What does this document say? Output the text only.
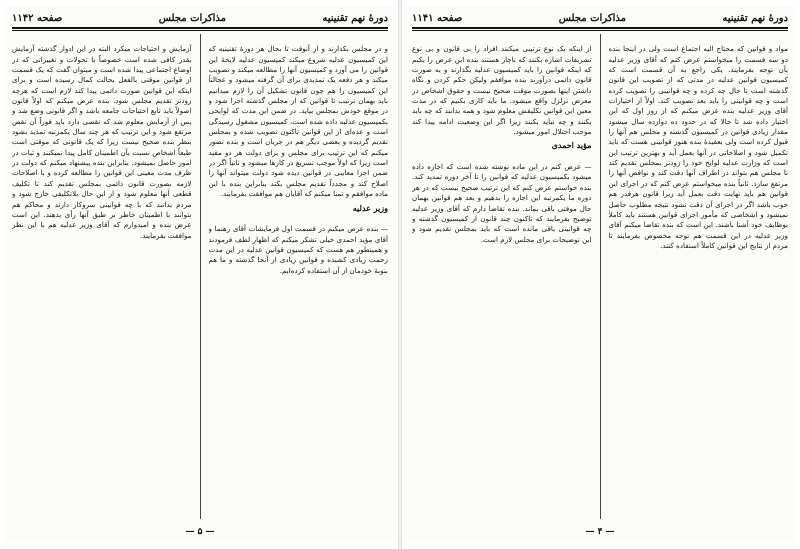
دورهٔ نهم تقنینیه
مذاکرات مجلس
صفحه ۱۱۴۲

و در مجلس بکذارند و از آنوقت تا بحال هر دورهٔ تقنینیه که این کمیسیون عدلیه شروع میکند کمیسیون عدلیه لایحهٔ این قوانین را می آورد و کمیسیون آنها را مطالعه میکند و تصویب میکند و هر دفعه یک تمدیدی برای آن گرفته میشود و عجالتاً این کمیسیون را هم چون قانون تشکیل آن را لازم میدانیم باید بهمان ترتیب تا قوانین که از مجلس گذشته اجرا شود و در موقع خودش بمجلس بیاید. در ضمن این مدت که لوایحی بکمیسیون عدلیه داده شده است، کمیسیون مشغول رسیدگی است و عده‌ای از این قوانین تاکنون تصویب شده و بمجلس تقدیم گردیده و بعضی دیگر هم در جریان است و بنده تصور میکنم که این ترتیب برای مجلس و برای دولت هر دو مفید است زیرا که اولاً موجب تسریع در کارها میشود و ثانیاً اگر در ضمن اجرا معایبی در قوانین دیده شود دولت میتواند آنها را اصلاح کند و مجدداً تقدیم مجلس بکند بنابراین بنده با این ماده موافقم و تمنا میکنم که آقایان هم موافقت بفرمایند.

وزیر عدلیه

— بنده عرض میکنم در قسمت اول فرمایشات آقای رهنما و آقای مؤید احمدی خیلی تشکر میکنم که اظهار لطف فرمودند و همینطور هم هست که کمیسیون قوانین عدلیه در این مدت زحمت زیادی کشیده و قوانین زیادی از آنجا گذشته و ما هم بنوبهٔ خودمان از آن استفاده کرده‌ایم.

آزمایش و احتیاجات میکرد البته در این ادوار گذشته آزمایش بقدر کافی شده است خصوصاً با تحولات و تغییراتی که در اوضاع اجتماعی پیدا شده است و میتوان گفت که یک قسمت از قوانین موقتی بالفعل بحالت کمال رسیده است و برای اینکه این قوانین صورت دائمی پیدا کند لازم است که هرچه زودتر تقدیم مجلس شود. بنده عرض میکنم که اولاً قانون اصولاً باید تابع احتیاجات جامعه باشد و اگر قانونی وضع شد و پس از آزمایش معلوم شد که نقصی دارد باید فوراً آن نقص مرتفع شود و این ترتیب که هر چند سال یکمرتبه تمدید بشود بنظر بنده صحیح نیست زیرا که یک قانونی که موقتی است طبعاً اشخاص نسبت بآن اطمینان کامل پیدا نمیکنند و ثبات در امور حاصل نمیشود. بنابراین بنده پیشنهاد میکنم که دولت در ظرف مدت معینی این قوانین را مطالعه کرده و با اصلاحات لازمه بصورت قانون دائمی بمجلس تقدیم کند تا تکلیف قطعی آنها معلوم شود و از این حال بلاتکلیفی خارج شود و مردم بدانند که با چه قوانینی سروکار دارند و محاکم هم بتوانند با اطمینان خاطر بر طبق آنها رأی بدهند. این است عرض بنده و امیدوارم که آقای وزیر عدلیه هم با این نظر موافقت بفرمایند.

— ۵ —
دورهٔ نهم تقنینیه
مذاکرات مجلس
صفحه ۱۱۴۱

مواد و قوانین که محتاج الیه اجتماع است ولی در اینجا بنده دو سه قسمت را میخواستم عرض کنم که آقای وزیر عدلیه بآن توجه بفرمایند. یکی راجع به آن قسمت است که کمیسیون قوانین عدلیه در مدتی که از تصویب این قانون گذشته است تا حال چه کرده و چه قوانینی را تصویب کرده است و چه قوانینی را باید بعد تصویب کند. اولاً از اختیارات آقای وزیر عدلیه بنده عرض میکنم که از روز اول که این اختیار داده شد تا حالا که در حدود ده دوازده سال میشود مقدار زیادی قوانین در کمیسیون گذشته و مجلس هم آنها را قبول کرده است ولی بعقیدهٔ بنده هنوز قوانینی هست که باید تکمیل شود و اصلاحاتی در آنها بعمل آید و بهترین ترتیب این است که وزارت عدلیه لوایح خود را زودتر بمجلس تقدیم کند تا مجلس هم بتواند در اطراف آنها دقت کند و نواقص آنها را مرتفع سازد. ثانیاً بنده میخواستم عرض کنم که در اجرای این قوانین هم باید نهایت دقت بعمل آید زیرا قانون هرقدر هم خوب باشد اگر در اجرای آن دقت نشود نتیجه مطلوب حاصل نمیشود و اشخاصی که مأمور اجرای قوانین هستند باید کاملاً بوظایف خود آشنا باشند. این است که بنده تقاضا میکنم آقای وزیر عدلیه در این قسمت هم توجه مخصوص بفرمایند تا مردم از نتایج این قوانین کاملاً استفاده کنند.

از اینکه یک نوع ترتیبی میکنند افراد را بی قانون و بی نوع تشریفات اشاره بکنند که ناچار هستند بنده این عرض را بکنم که اینکه قوانین را باید کمیسیون عدلیه بگذارند و به صورت قانون دائمی درآورند بنده موافقم ولیکن حکم کردن و نگاه داشتن اینها بصورت موقت صحیح نیست و حقوق اشخاص در معرض تزلزل واقع میشود. ما باید کاری بکنیم که در مدت معین این قوانین تکلیفش معلوم شود و همه بدانند که چه باید بکنند و چه نباید بکنند زیرا اگر این وضعیت ادامه پیدا کند موجب اختلال امور میشود.

مؤید احمدی

— عرض کنم در این ماده نوشته شده است که اجازه داده میشود بکمیسیون عدلیه که قوانین را تا آخر دوره تمدید کند. بنده خواستم عرض کنم که این ترتیب صحیح نیست که در هر دوره ما یکمرتبه این اجازه را بدهیم و بعد هم قوانین بهمان حال موقتی باقی بماند. بنده تقاضا دارم که آقای وزیر عدلیه توضیح بفرمایند که تاکنون چند قانون از کمیسیون گذشته و چه قوانینی باقی مانده است که باید بمجلس تقدیم شود و این توضیحات برای مجلس لازم است.

— ۴ —
